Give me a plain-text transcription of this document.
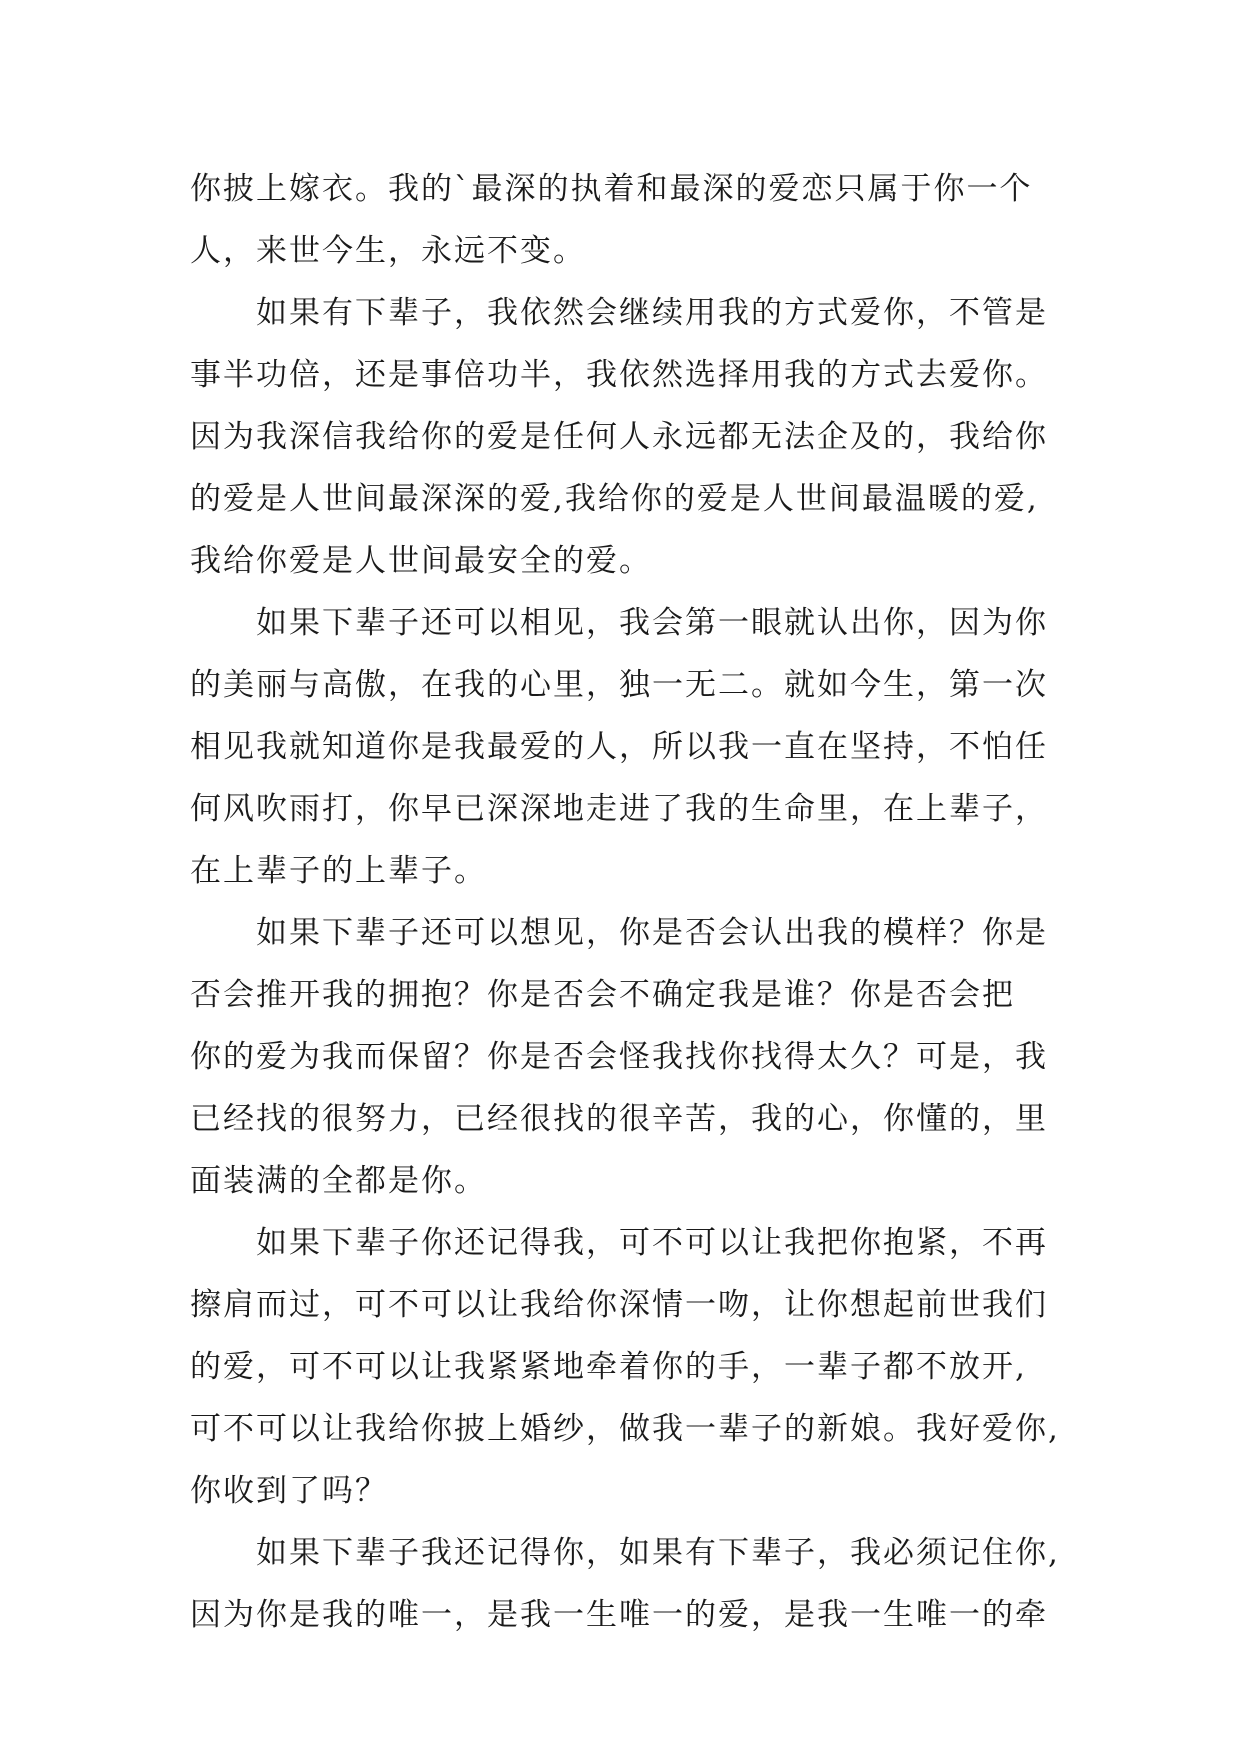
你披上嫁衣。我的`最深的执着和最深的爱恋只属于你一个
人，来世今生，永远不变。
如果有下辈子，我依然会继续用我的方式爱你，不管是
事半功倍，还是事倍功半，我依然选择用我的方式去爱你。
因为我深信我给你的爱是任何人永远都无法企及的，我给你
的爱是人世间最深深的爱,我给你的爱是人世间最温暖的爱,
我给你爱是人世间最安全的爱。
如果下辈子还可以相见，我会第一眼就认出你，因为你
的美丽与高傲，在我的心里，独一无二。就如今生，第一次
相见我就知道你是我最爱的人，所以我一直在坚持，不怕任
何风吹雨打，你早已深深地走进了我的生命里，在上辈子，
在上辈子的上辈子。
如果下辈子还可以想见，你是否会认出我的模样？你是
否会推开我的拥抱？你是否会不确定我是谁？你是否会把
你的爱为我而保留？你是否会怪我找你找得太久？可是，我
已经找的很努力，已经很找的很辛苦，我的心，你懂的，里
面装满的全都是你。
如果下辈子你还记得我，可不可以让我把你抱紧，不再
擦肩而过，可不可以让我给你深情一吻，让你想起前世我们
的爱，可不可以让我紧紧地牵着你的手，一辈子都不放开,
可不可以让我给你披上婚纱，做我一辈子的新娘。我好爱你,
你收到了吗？
如果下辈子我还记得你，如果有下辈子，我必须记住你,
因为你是我的唯一，是我一生唯一的爱，是我一生唯一的牵
